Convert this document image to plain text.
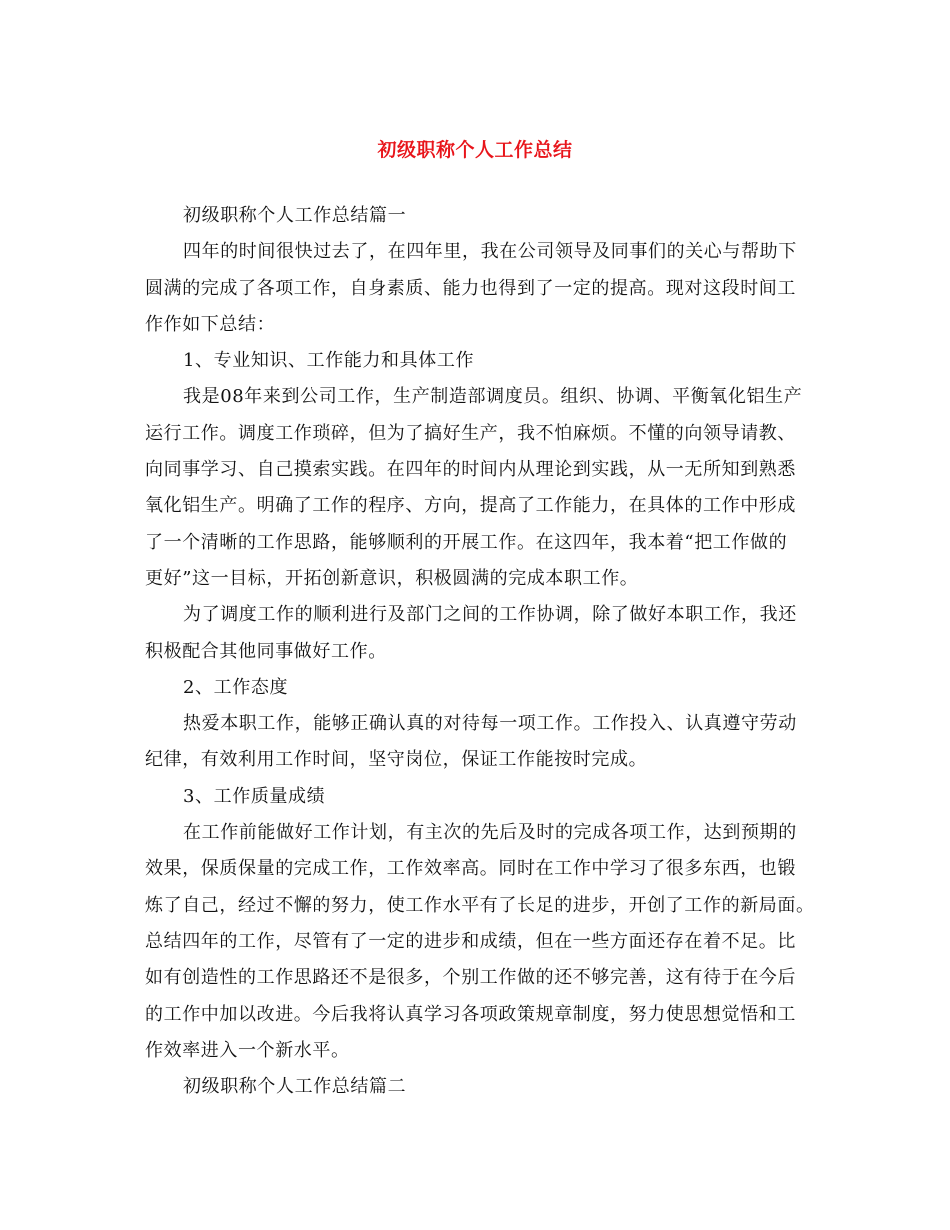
初级职称个人工作总结
初级职称个人工作总结篇一
四年的时间很快过去了，在四年里，我在公司领导及同事们的关心与帮助下
圆满的完成了各项工作，自身素质、能力也得到了一定的提高。现对这段时间工
作作如下总结：
1、专业知识、工作能力和具体工作
我是08年来到公司工作，生产制造部调度员。组织、协调、平衡氧化铝生产
运行工作。调度工作琐碎，但为了搞好生产，我不怕麻烦。不懂的向领导请教、
向同事学习、自己摸索实践。在四年的时间内从理论到实践，从一无所知到熟悉
氧化铝生产。明确了工作的程序、方向，提高了工作能力，在具体的工作中形成
了一个清晰的工作思路，能够顺利的开展工作。在这四年，我本着“把工作做的
更好”这一目标，开拓创新意识，积极圆满的完成本职工作。
为了调度工作的顺利进行及部门之间的工作协调，除了做好本职工作，我还
积极配合其他同事做好工作。
2、工作态度
热爱本职工作，能够正确认真的对待每一项工作。工作投入、认真遵守劳动
纪律，有效利用工作时间，坚守岗位，保证工作能按时完成。
3、工作质量成绩
在工作前能做好工作计划，有主次的先后及时的完成各项工作，达到预期的
效果，保质保量的完成工作，工作效率高。同时在工作中学习了很多东西，也锻
炼了自己，经过不懈的努力，使工作水平有了长足的进步，开创了工作的新局面。
总结四年的工作，尽管有了一定的进步和成绩，但在一些方面还存在着不足。比
如有创造性的工作思路还不是很多，个别工作做的还不够完善，这有待于在今后
的工作中加以改进。今后我将认真学习各项政策规章制度，努力使思想觉悟和工
作效率进入一个新水平。
初级职称个人工作总结篇二
